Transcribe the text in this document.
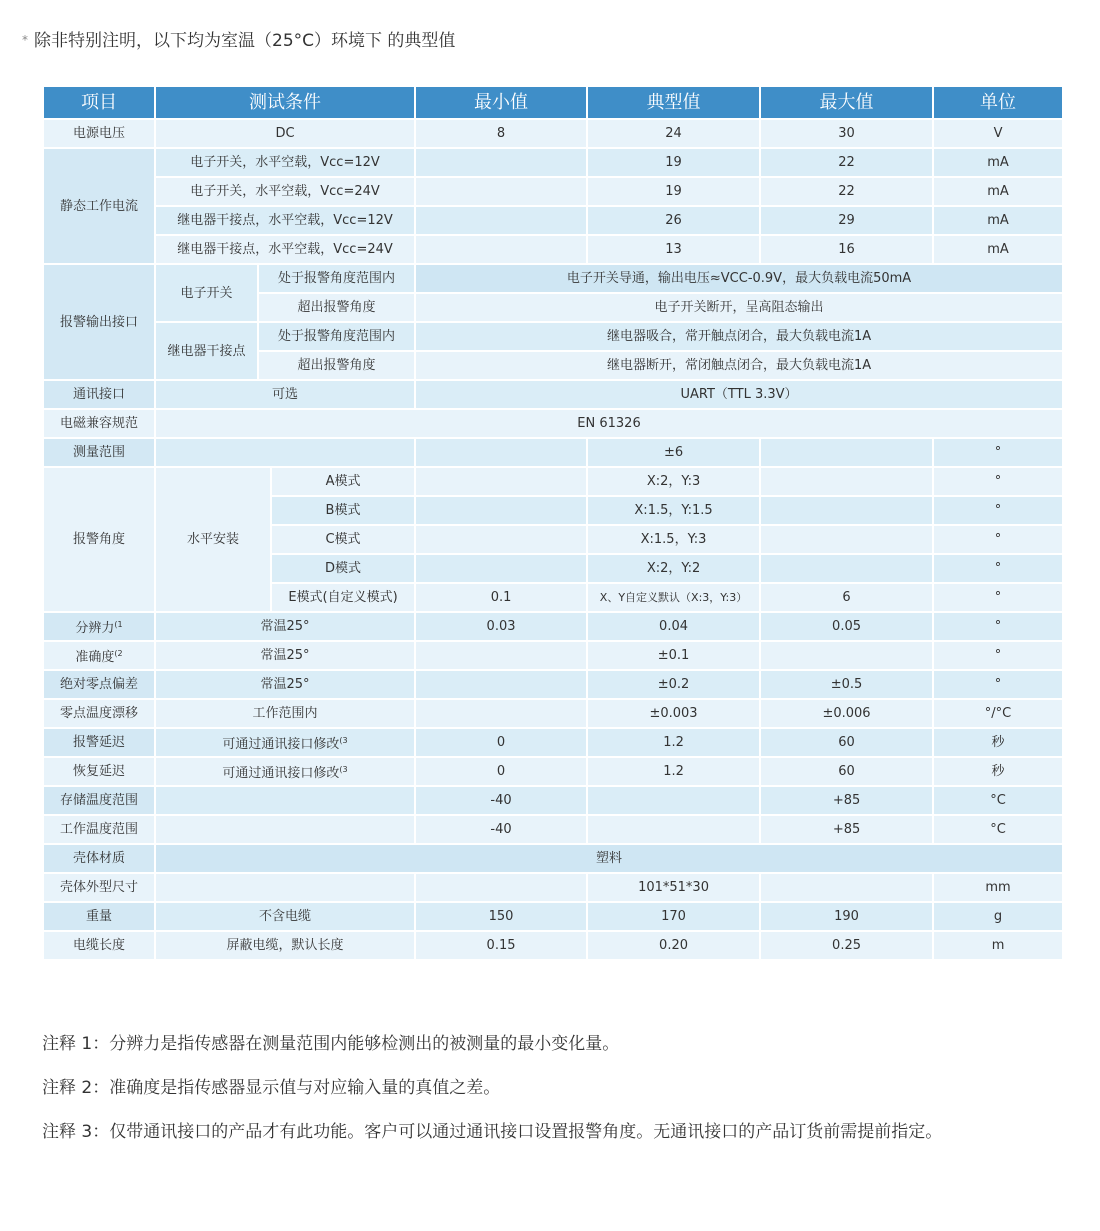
* 除非特别注明，以下均为室温（25°C）环境下 的典型值
项目	测试条件			最小值	典型值	最大值	单位
电源电压	DC			8	24	30	V
静态工作电流	电子开关，水平空载，Vcc=12V				19	22	mA
	电子开关，水平空载，Vcc=24V				19	22	mA
	继电器干接点，水平空载，Vcc=12V				26	29	mA
	继电器干接点，水平空载，Vcc=24V				13	16	mA
报警输出接口	电子开关	处于报警角度范围内		电子开关导通，输出电压≈VCC-0.9V，最大负载电流50mA			
		超出报警角度		电子开关断开，呈高阻态输出			
	继电器干接点	处于报警角度范围内		继电器吸合，常开触点闭合，最大负载电流1A			
		超出报警角度		继电器断开，常闭触点闭合，最大负载电流1A			
通讯接口	可选			UART（TTL 3.3V）			
电磁兼容规范	EN 61326						
测量范围					±6		°
报警角度	水平安装		A模式		X:2，Y:3		°
			B模式		X:1.5，Y:1.5		°
			C模式		X:1.5，Y:3		°
			D模式		X:2，Y:2		°
			E模式(自定义模式)	0.1	X、Y自定义默认（X:3，Y:3）	6	°
分辨力$^{(1}$	常温25°			0.03	0.04	0.05	°
准确度$^{(2}$	常温25°				±0.1		°
绝对零点偏差	常温25°				±0.2	±0.5	°
零点温度漂移	工作范围内				±0.003	±0.006	°/°C
报警延迟	可通过通讯接口修改$^{(3}$			0	1.2	60	秒
恢复延迟	可通过通讯接口修改$^{(3}$			0	1.2	60	秒
存储温度范围				-40		+85	°C
工作温度范围				-40		+85	°C
壳体材质	塑料						
壳体外型尺寸					101*51*30		mm
重量	不含电缆			150	170	190	g
电缆长度	屏蔽电缆，默认长度			0.15	0.20	0.25	m

注释 1：分辨力是指传感器在测量范围内能够检测出的被测量的最小变化量。

注释 2：准确度是指传感器显示值与对应输入量的真值之差。

注释 3：仅带通讯接口的产品才有此功能。客户可以通过通讯接口设置报警角度。无通讯接口的产品订货前需提前指定。
